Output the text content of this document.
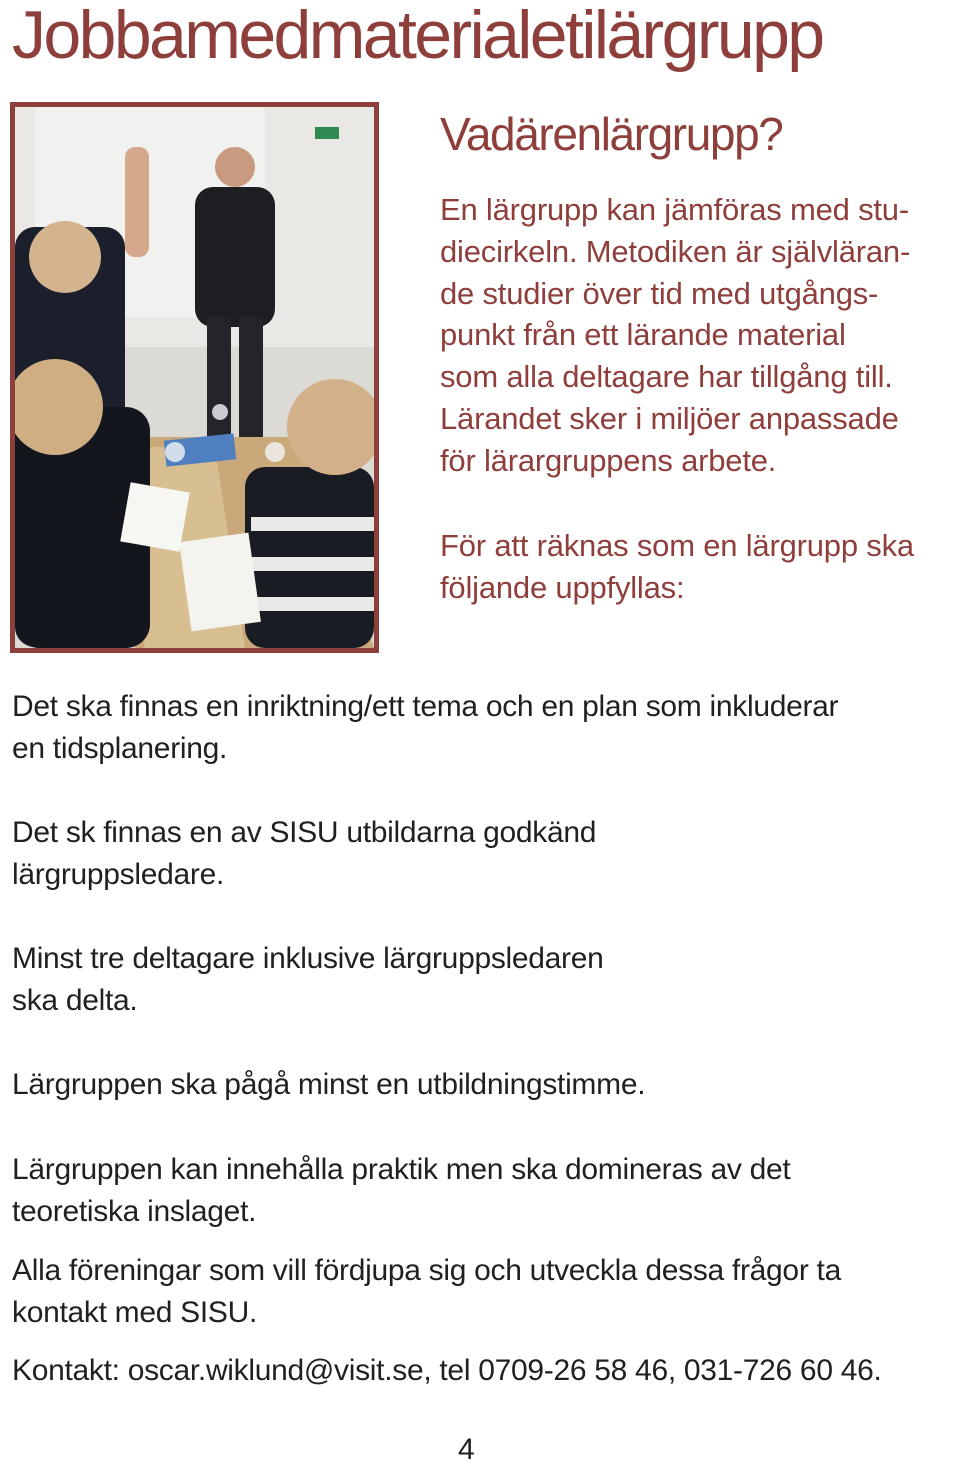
Jobbamedmaterialetilärgrupp
Vadärenlärgrupp?

En lärgrupp kan jämföras med stu-
diecirkeln. Metodiken är självläran-
de studier över tid med utgångs-
punkt från ett lärande material
som alla deltagare har tillgång till.
Lärandet sker i miljöer anpassade
för lärargruppens arbete.

För att räknas som en lärgrupp ska
följande uppfyllas:

Det ska finnas en inriktning/ett tema och en plan som inkluderar
en tidsplanering.

Det sk finnas en av SISU utbildarna godkänd
lärgruppsledare.

Minst tre deltagare inklusive lärgruppsledaren
ska delta.

Lärgruppen ska pågå minst en utbildningstimme.

Lärgruppen kan innehålla praktik men ska domineras av det
teoretiska inslaget.

Alla föreningar som vill fördjupa sig och utveckla dessa frågor ta
kontakt med SISU.

Kontakt: oscar.wiklund@visit.se, tel 0709-26 58 46, 031-726 60 46.

4
